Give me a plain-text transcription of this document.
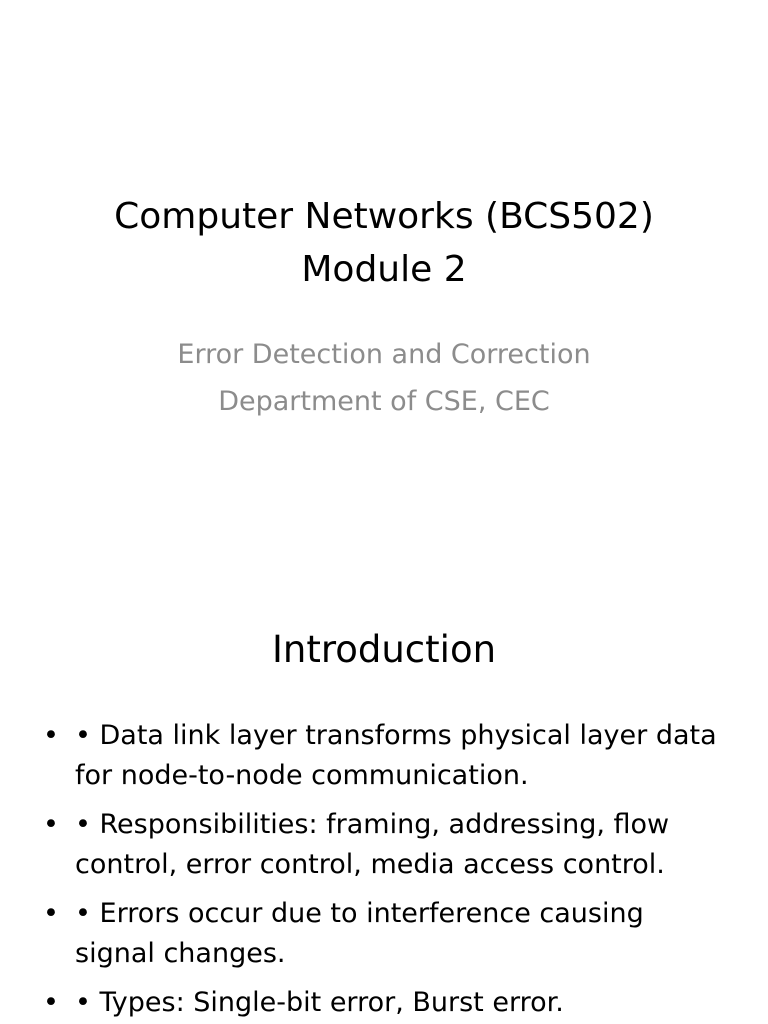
Computer Networks (BCS502)
Module 2
Error Detection and Correction
Department of CSE, CEC
Introduction
• • Data link layer transforms physical layer data for node-to-node communication.
• • Responsibilities: framing, addressing, flow control, error control, media access control.
• • Errors occur due to interference causing signal changes.
• • Types: Single-bit error, Burst error.
